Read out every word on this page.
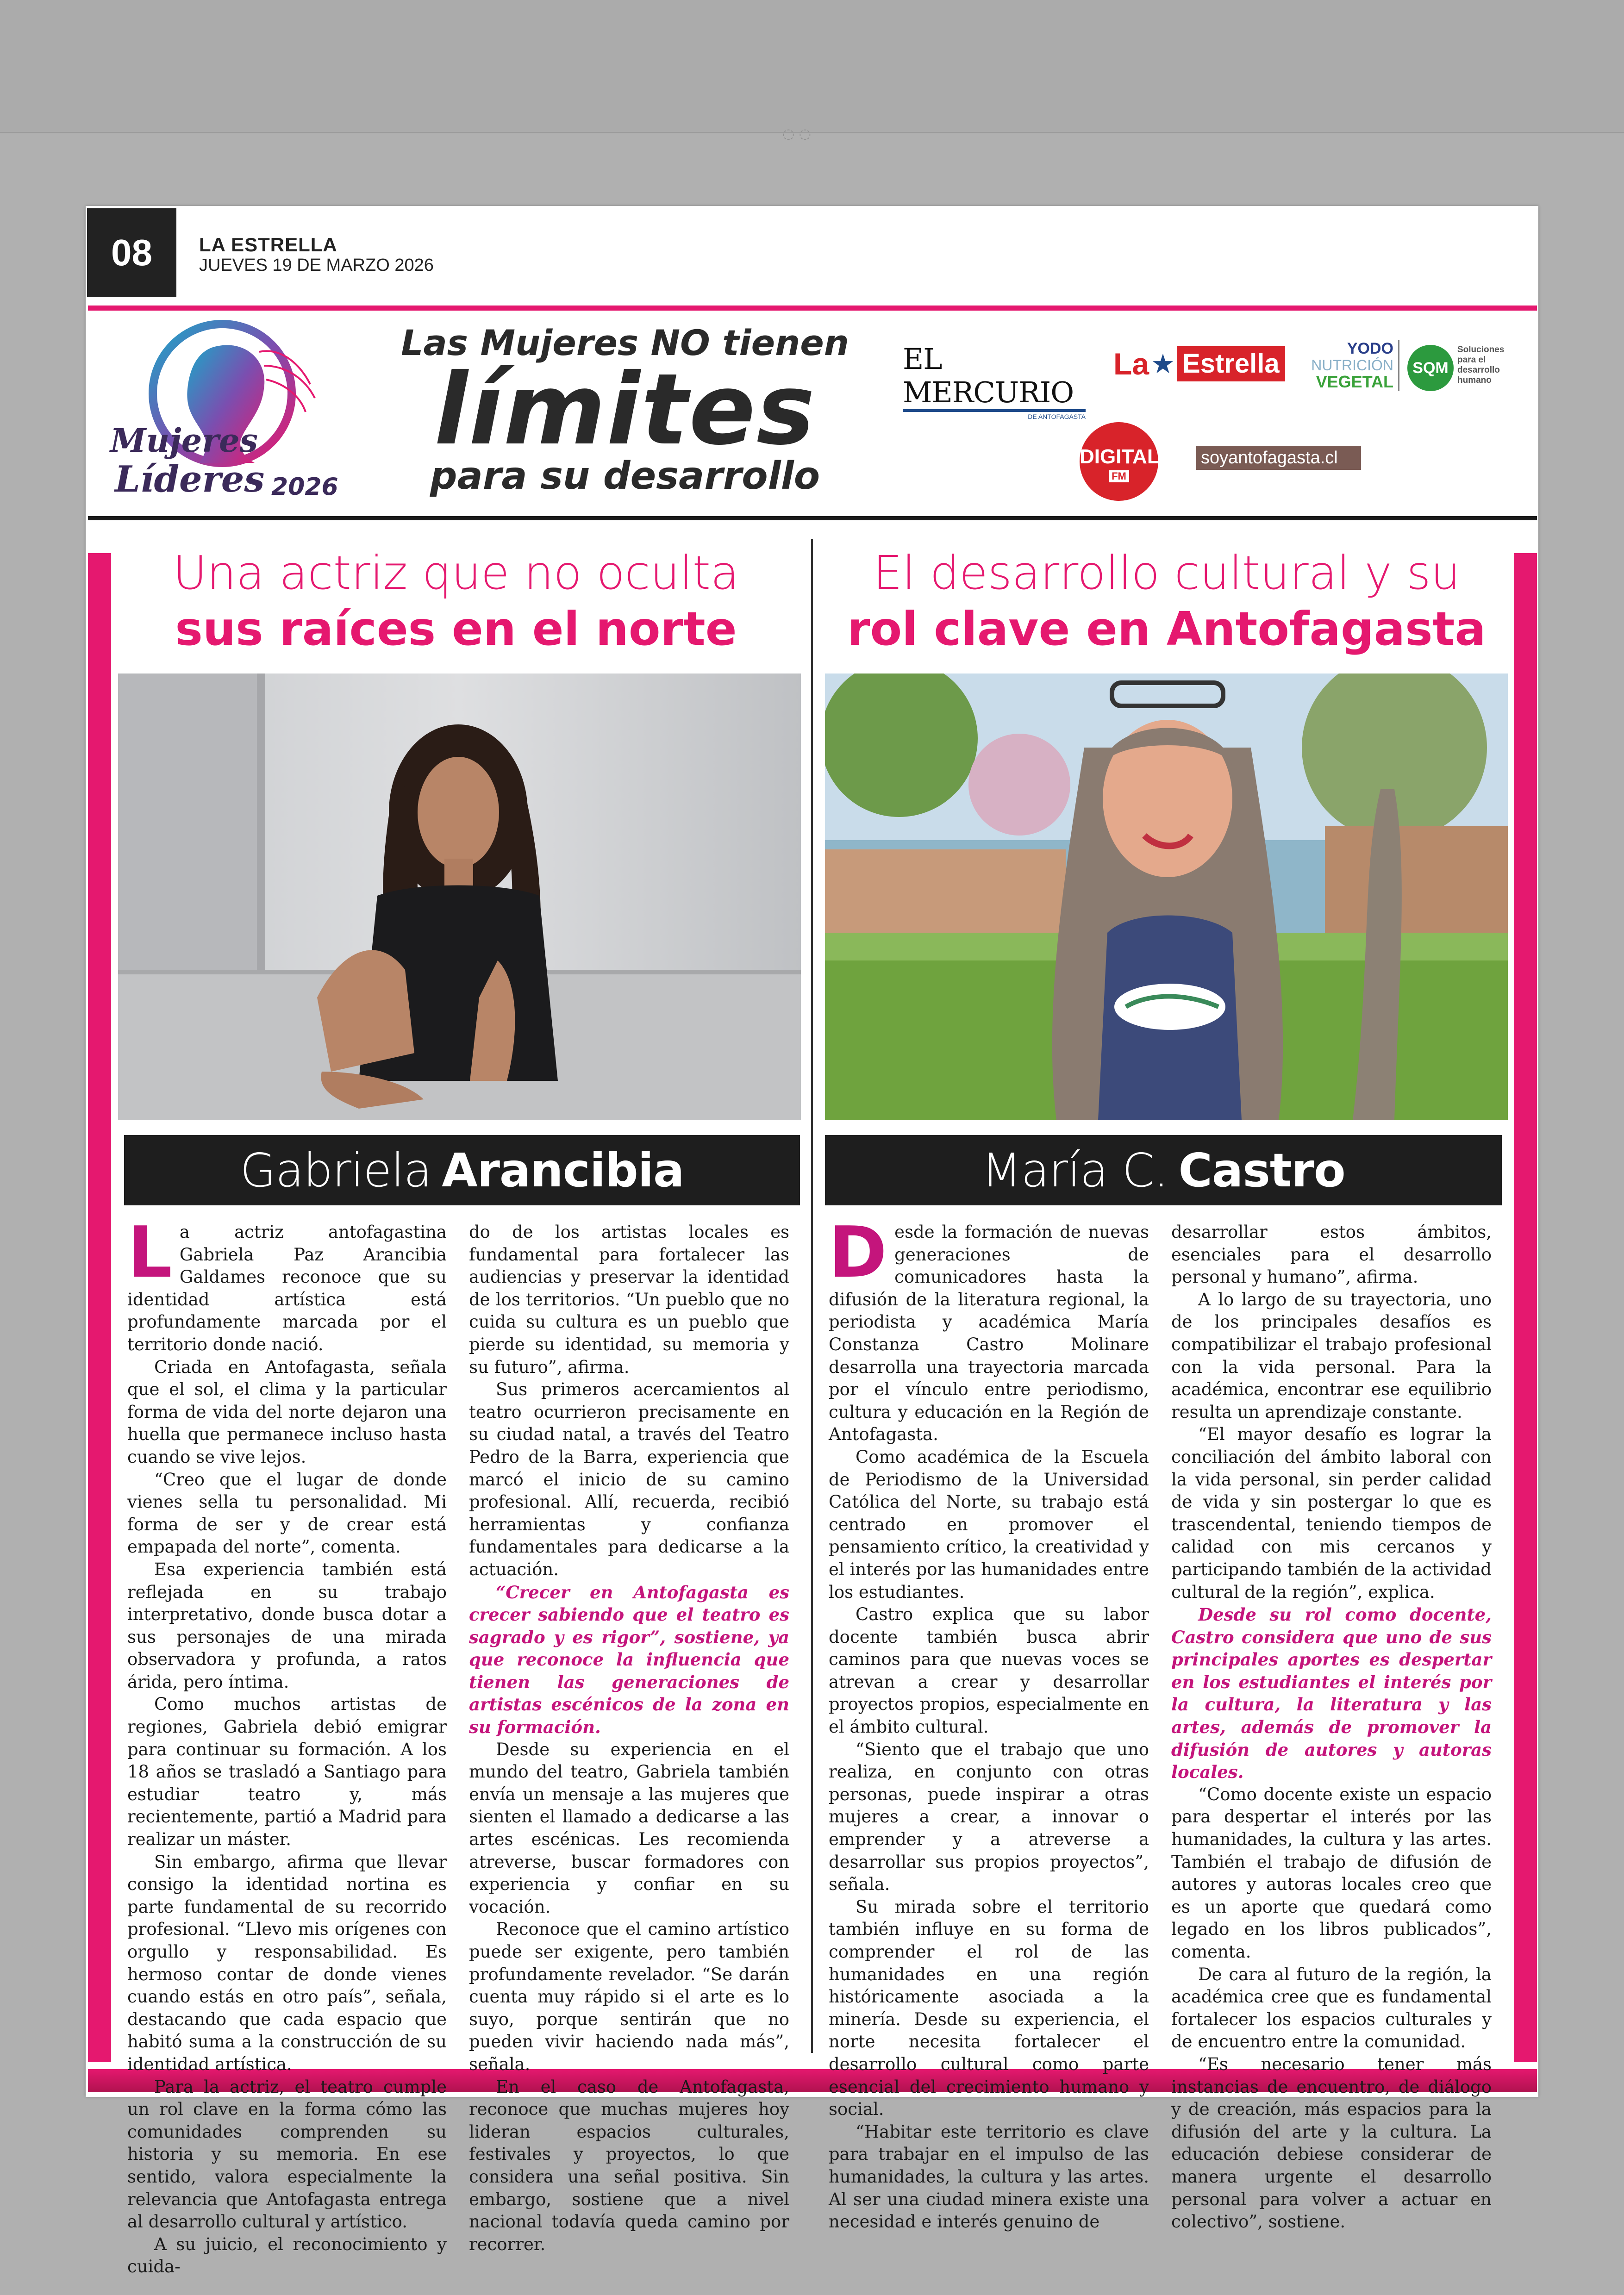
◌ ◌
08	LA ESTRELLA
JUEVES 19 DE MARZO 2026
Mujeres
Líderes 2026
Las Mujeres NO tienen
límites
para su desarrollo
EL MERCURIO
DE ANTOFAGASTA
La ★ Estrella	YODO
NUTRICIÓN
VEGETAL
SQM
Soluciones para el desarrollo humano
DIGITAL
FM
soyantofagasta.cl
Una actriz que no oculta
sus raíces en el norte
Gabriela Arancibia

La actriz antofagastina Gabriela Paz Arancibia Galdames reconoce que su identidad artística está profundamente marcada por el territorio donde nació.

Criada en Antofagasta, señala que el sol, el clima y la particular forma de vida del norte dejaron una huella que permanece incluso hasta cuando se vive lejos.

“Creo que el lugar de donde vienes sella tu personalidad. Mi forma de ser y de crear está empapada del norte”, comenta.

Esa experiencia también está reflejada en su trabajo interpretativo, donde busca dotar a sus personajes de una mirada observadora y profunda, a ratos árida, pero íntima.

Como muchos artistas de regiones, Gabriela debió emigrar para continuar su formación. A los 18 años se trasladó a Santiago para estudiar teatro y, más recientemente, partió a Madrid para realizar un máster.

Sin embargo, afirma que llevar consigo la identidad nortina es parte fundamental de su recorrido profesional. “Llevo mis orígenes con orgullo y responsabilidad. Es hermoso contar de donde vienes cuando estás en otro país”, señala, destacando que cada espacio que habitó suma a la construcción de su identidad artística.

Para la actriz, el teatro cumple un rol clave en la forma cómo las comunidades comprenden su historia y su memoria. En ese sentido, valora especialmente la relevancia que Antofagasta entrega al desarrollo cultural y artístico.

A su juicio, el reconocimiento y cuida-

do de los artistas locales es fundamental para fortalecer las audiencias y preservar la identidad de los territorios. “Un pueblo que no cuida su cultura es un pueblo que pierde su identidad, su memoria y su futuro”, afirma.

Sus primeros acercamientos al teatro ocurrieron precisamente en su ciudad natal, a través del Teatro Pedro de la Barra, experiencia que marcó el inicio de su camino profesional. Allí, recuerda, recibió herramientas y confianza fundamentales para dedicarse a la actuación.

“Crecer en Antofagasta es crecer sabiendo que el teatro es sagrado y es rigor”, sostiene, ya que reconoce la influencia que tienen las generaciones de artistas escénicos de la zona en su formación.

Desde su experiencia en el mundo del teatro, Gabriela también envía un mensaje a las mujeres que sienten el llamado a dedicarse a las artes escénicas. Les recomienda atreverse, buscar formadores con experiencia y confiar en su vocación.

Reconoce que el camino artístico puede ser exigente, pero también profundamente revelador. “Se darán cuenta muy rápido si el arte es lo suyo, porque sentirán que no pueden vivir haciendo nada más”, señala.

En el caso de Antofagasta, reconoce que muchas mujeres hoy lideran espacios culturales, festivales y proyectos, lo que considera una señal positiva. Sin embargo, sostiene que a nivel nacional todavía queda camino por recorrer.

El desarrollo cultural y su
rol clave en Antofagasta
María C. Castro

Desde la formación de nuevas generaciones de comunicadores hasta la difusión de la literatura regional, la periodista y académica María Constanza Castro Molinare desarrolla una trayectoria marcada por el vínculo entre periodismo, cultura y educación en la Región de Antofagasta.

Como académica de la Escuela de Periodismo de la Universidad Católica del Norte, su trabajo está centrado en promover el pensamiento crítico, la creatividad y el interés por las humanidades entre los estudiantes.

Castro explica que su labor docente también busca abrir caminos para que nuevas voces se atrevan a crear y desarrollar proyectos propios, especialmente en el ámbito cultural.

“Siento que el trabajo que uno realiza, en conjunto con otras personas, puede inspirar a otras mujeres a crear, a innovar o emprender y a atreverse a desarrollar sus propios proyectos”, señala.

Su mirada sobre el territorio también influye en su forma de comprender el rol de las humanidades en una región históricamente asociada a la minería. Desde su experiencia, el norte necesita fortalecer el desarrollo cultural como parte esencial del crecimiento humano y social.

“Habitar este territorio es clave para trabajar en el impulso de las humanidades, la cultura y las artes. Al ser una ciudad minera existe una necesidad e interés genuino de

desarrollar estos ámbitos, esenciales para el desarrollo personal y humano”, afirma.

A lo largo de su trayectoria, uno de los principales desafíos es compatibilizar el trabajo profesional con la vida personal. Para la académica, encontrar ese equilibrio resulta un aprendizaje constante.

“El mayor desafío es lograr la conciliación del ámbito laboral con la vida personal, sin perder calidad de vida y sin postergar lo que es trascendental, teniendo tiempos de calidad con mis cercanos y participando también de la actividad cultural de la región”, explica.

Desde su rol como docente, Castro considera que uno de sus principales aportes es despertar en los estudiantes el interés por la cultura, la literatura y las artes, además de promover la difusión de autores y autoras locales.

“Como docente existe un espacio para despertar el interés por las humanidades, la cultura y las artes. También el trabajo de difusión de autores y autoras locales creo que es un aporte que quedará como legado en los libros publicados”, comenta.

De cara al futuro de la región, la académica cree que es fundamental fortalecer los espacios culturales y de encuentro entre la comunidad.

“Es necesario tener más instancias de encuentro, de diálogo y de creación, más espacios para la difusión del arte y la cultura. La educación debiese considerar de manera urgente el desarrollo personal para volver a actuar en colectivo”, sostiene.
